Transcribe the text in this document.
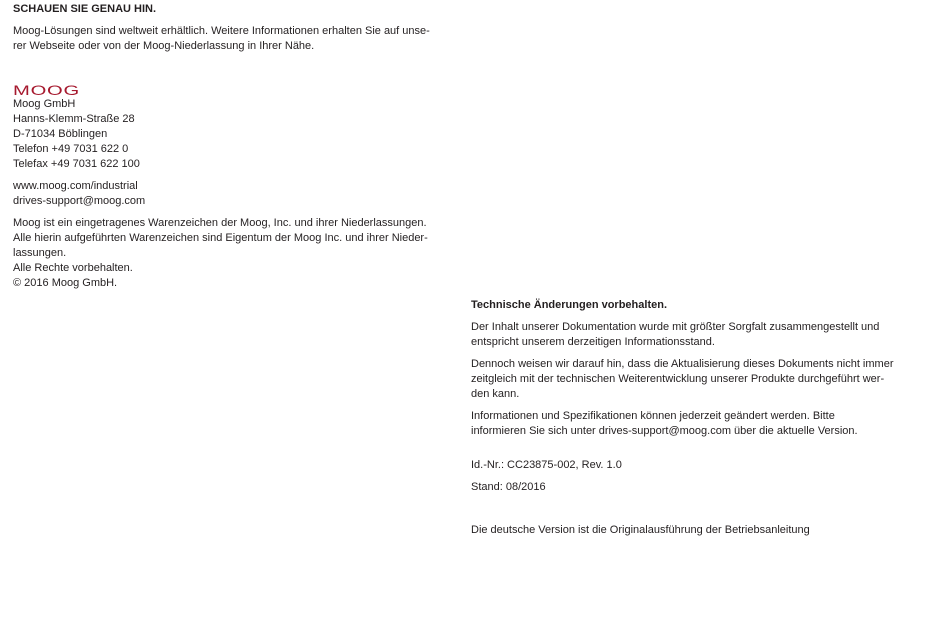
SCHAUEN SIE GENAU HIN.

Moog-Lösungen sind weltweit erhältlich. Weitere Informationen erhalten Sie auf unse-
rer Webseite oder von der Moog-Niederlassung in Ihrer Nähe.

MOOG

Moog GmbH
Hanns-Klemm-Straße 28
D-71034 Böblingen
Telefon +49 7031 622 0
Telefax +49 7031 622 100

www.moog.com/industrial
drives-support@moog.com

Moog ist ein eingetragenes Warenzeichen der Moog, Inc. und ihrer Niederlassungen.
Alle hierin aufgeführten Warenzeichen sind Eigentum der Moog Inc. und ihrer Nieder-
lassungen.
Alle Rechte vorbehalten.
© 2016 Moog GmbH.

Technische Änderungen vorbehalten.

Der Inhalt unserer Dokumentation wurde mit größter Sorgfalt zusammengestellt und
entspricht unserem derzeitigen Informationsstand.

Dennoch weisen wir darauf hin, dass die Aktualisierung dieses Dokuments nicht immer
zeitgleich mit der technischen Weiterentwicklung unserer Produkte durchgeführt wer-
den kann.

Informationen und Spezifikationen können jederzeit geändert werden. Bitte
informieren Sie sich unter drives-support@moog.com über die aktuelle Version.

Id.-Nr.: CC23875-002, Rev. 1.0

Stand: 08/2016

Die deutsche Version ist die Originalausführung der Betriebsanleitung
